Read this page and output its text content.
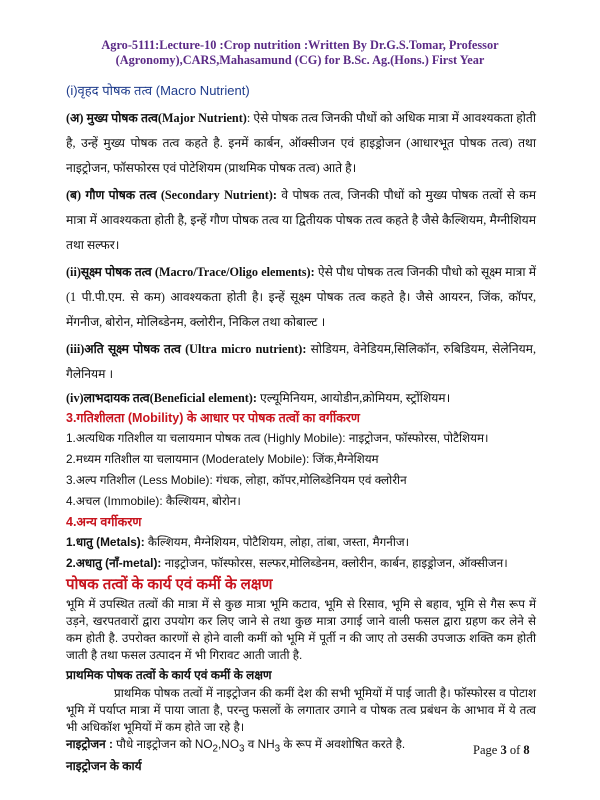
Agro-5111:Lecture-10 :Crop nutrition :Written By Dr.G.S.Tomar, Professor
(Agronomy),CARS,Mahasamund (CG) for B.Sc. Ag.(Hons.) First Year
(i)वृहद पोषक तत्व (Macro Nutrient)

(अ) मुख्य पोषक तत्व(Major Nutrient): ऐसे पोषक तत्व जिनकी पौधों को अधिक मात्रा में आवश्यकता होती है, उन्हें मुख्य पोषक तत्व कहते है. इनमें कार्बन, ऑक्सीजन एवं हाइड्रोजन (आधारभूत पोषक तत्व) तथा नाइट्रोजन, फॉसफोरस एवं पोटेशियम (प्राथमिक पोषक तत्व) आते है।

(ब) गौण पोषक तत्व (Secondary Nutrient): वे पोषक तत्व, जिनकी पौधों को मुख्य पोषक तत्वों से कम मात्रा में आवश्यकता होती है, इन्हें गौण पोषक तत्व या द्वितीयक पोषक तत्व कहते है जैसे कैल्शियम, मैग्नीशियम तथा सल्फर।

(ii)सूक्ष्म पोषक तत्व (Macro/Trace/Oligo elements): ऐसे पौध पोषक तत्व जिनकी पौधो को सूक्ष्म मात्रा में (1 पी.पी.एम. से कम) आवश्यकता होती है। इन्हें सूक्ष्म पोषक तत्व कहते है। जैसे आयरन, जिंक, कॉपर, मेंगनीज, बोरोन, मोलिब्डेनम, क्लोरीन, निकिल तथा कोबाल्ट ।

(iii)अति सूक्ष्म पोषक तत्व (Ultra micro nutrient): सोडियम, वेनेडियम,सिलिकॉन, रुबिडियम, सेलेनियम, गैलेनियम ।

(iv)लाभदायक तत्व(Beneficial element): एल्यूमिनियम, आयोडीन,क्रोमियम, स्ट्रोंशियम।

3.गतिशीलता (Mobility) के आधार पर पोषक तत्वों का वर्गीकरण

1.अत्यधिक गतिशील या चलायमान पोषक तत्व (Highly Mobile): नाइट्रोजन, फॉस्फोरस, पोटैशियम।

2.मध्यम गतिशील या चलायमान (Moderately Mobile): जिंक,मैग्नेशियम

3.अल्प गतिशील (Less Mobile): गंधक, लोहा, कॉपर,मोलिब्डेनियम एवं क्लोरीन

4.अचल (Immobile): कैल्शियम, बोरोन।

4.अन्य वर्गीकरण

1.धातु (Metals): कैल्शियम, मैग्नेशियम, पोटैशियम, लोहा, तांबा, जस्ता, मैगनीज।

2.अधातु (नॉं-metal): नाइट्रोजन, फॉस्फोरस, सल्फर,मोलिब्डेनम, क्लोरीन, कार्बन, हाइड्रोजन, ऑक्सीजन।

पोषक तत्वों के कार्य एवं कमीं के लक्षण

भूमि में उपस्थित तत्वों की मात्रा में से कुछ मात्रा भूमि कटाव, भूमि से रिसाव, भूमि से बहाव, भूमि से गैस रूप में उड़ने, खरपतवारों द्वारा उपयोग कर लिए जाने से तथा कुछ मात्रा उगाई जाने वाली फसल द्वारा ग्रहण कर लेने से कम होती है. उपरोक्त कारणों से होने वाली कमीं को भूमि में पूर्ती न की जाए तो उसकी उपजाऊ शक्ति कम होती जाती है तथा फसल उत्पादन में भी गिरावट आती जाती है.

प्राथमिक पोषक तत्वों के कार्य एवं कमीं के लक्षण

प्राथमिक पोषक तत्वों में नाइट्रोजन की कमीं देश की सभी भूमियों में पाई जाती है। फॉस्फोरस व पोटाश भूमि में पर्याप्त मात्रा में पाया जाता है, परन्तु फसलों के लगातार उगाने व पोषक तत्व प्रबंधन के आभाव में ये तत्व भी अधिकॉश भूमियों में कम होते जा रहे है।

नाइट्रोजन : पौधे नाइट्रोजन को $NO_2,NO_3$ व $NH_3$ के रूप में अवशोषित करते है.

नाइट्रोजन के कार्य
Page 3 of 8
